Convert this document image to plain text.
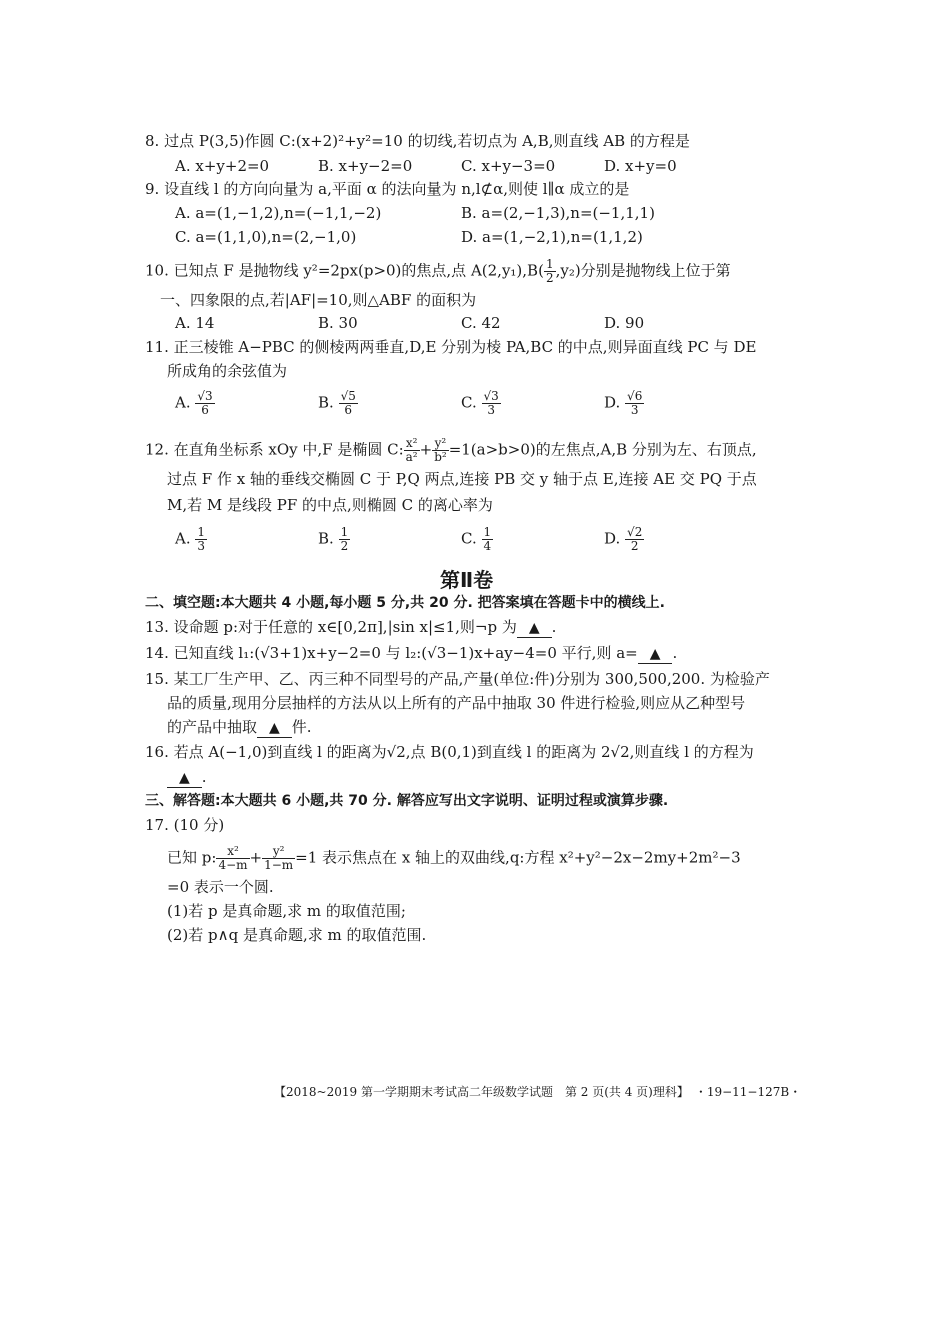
8. 过点 P(3,5)作圆 C:(x+2)²+y²=10 的切线,若切点为 A,B,则直线 AB 的方程是
A. x+y+2=0	B. x+y−2=0	C. x+y−3=0	D. x+y=0
9. 设直线 l 的方向向量为 a,平面 α 的法向量为 n,l⊄α,则使 l∥α 成立的是
A. a=(1,−1,2),n=(−1,1,−2)	B. a=(2,−1,3),n=(−1,1,1)
C. a=(1,1,0),n=(2,−1,0)	D. a=(1,−2,1),n=(1,1,2)
10. 已知点 F 是抛物线 y²=2px(p>0)的焦点,点 $A(2,y_1),B( \frac{1}{2} ,y_2)$分别是抛物线上位于第
一、四象限的点,若|AF|=10,则△ABF 的面积为
A. 14	B. 30	C. 42	D. 90
11. 正三棱锥 A−PBC 的侧棱两两垂直,D,E 分别为棱 PA,BC 的中点,则异面直线 PC 与 DE
所成角的余弦值为
A. $\frac{√3}{6}$	B. $\frac{√5}{6}$	C. $\frac{√3}{3}$	D. $\frac{√6}{3}$
12. 在直角坐标系 xOy 中,F 是椭圆 C: $\frac{\text{x²}}{\text{a²}} + \frac{\text{y²}}{\text{b²}} =1(a>b>0)$的左焦点,A,B 分别为左、右顶点,
过点 F 作 x 轴的垂线交椭圆 C 于 P,Q 两点,连接 PB 交 y 轴于点 E,连接 AE 交 PQ 于点
M,若 M 是线段 PF 的中点,则椭圆 C 的离心率为
A. $\frac{1}{3}$	B. $\frac{1}{2}$	C. $\frac{1}{4}$	D. $\frac{√2}{2}$
第Ⅱ卷
二、填空题:本大题共 4 小题,每小题 5 分,共 20 分. 把答案填在答题卡中的横线上.
13. 设命题 p:对于任意的 x∈[0,2π],|sin x|≤1,则¬p 为 ▲ .
14. 已知直线 l₁:(√3+1)x+y−2=0 与 l₂:(√3−1)x+ay−4=0 平行,则 a= ▲ .
15. 某工厂生产甲、乙、丙三种不同型号的产品,产量(单位:件)分别为 300,500,200. 为检验产
品的质量,现用分层抽样的方法从以上所有的产品中抽取 30 件进行检验,则应从乙种型号
的产品中抽取 ▲ 件.
16. 若点 A(−1,0)到直线 l 的距离为√2,点 B(0,1)到直线 l 的距离为 2√2,则直线 l 的方程为
▲ .
三、解答题:本大题共 6 小题,共 70 分. 解答应写出文字说明、证明过程或演算步骤.
17. (10 分)
已知 p: $\frac{\text{x²}}{4-m} + \frac{\text{y²}}{1-m} =1$ 表示焦点在 x 轴上的双曲线,q:方程 x²+y²−2x−2my+2m²−3
=0 表示一个圆.
(1)若 p 是真命题,求 m 的取值范围;
(2)若 p∧q 是真命题,求 m 的取值范围.
【2018~2019 第一学期期末考试高二年级数学试题　第 2 页(共 4 页)理科】　・19−11−127B・
